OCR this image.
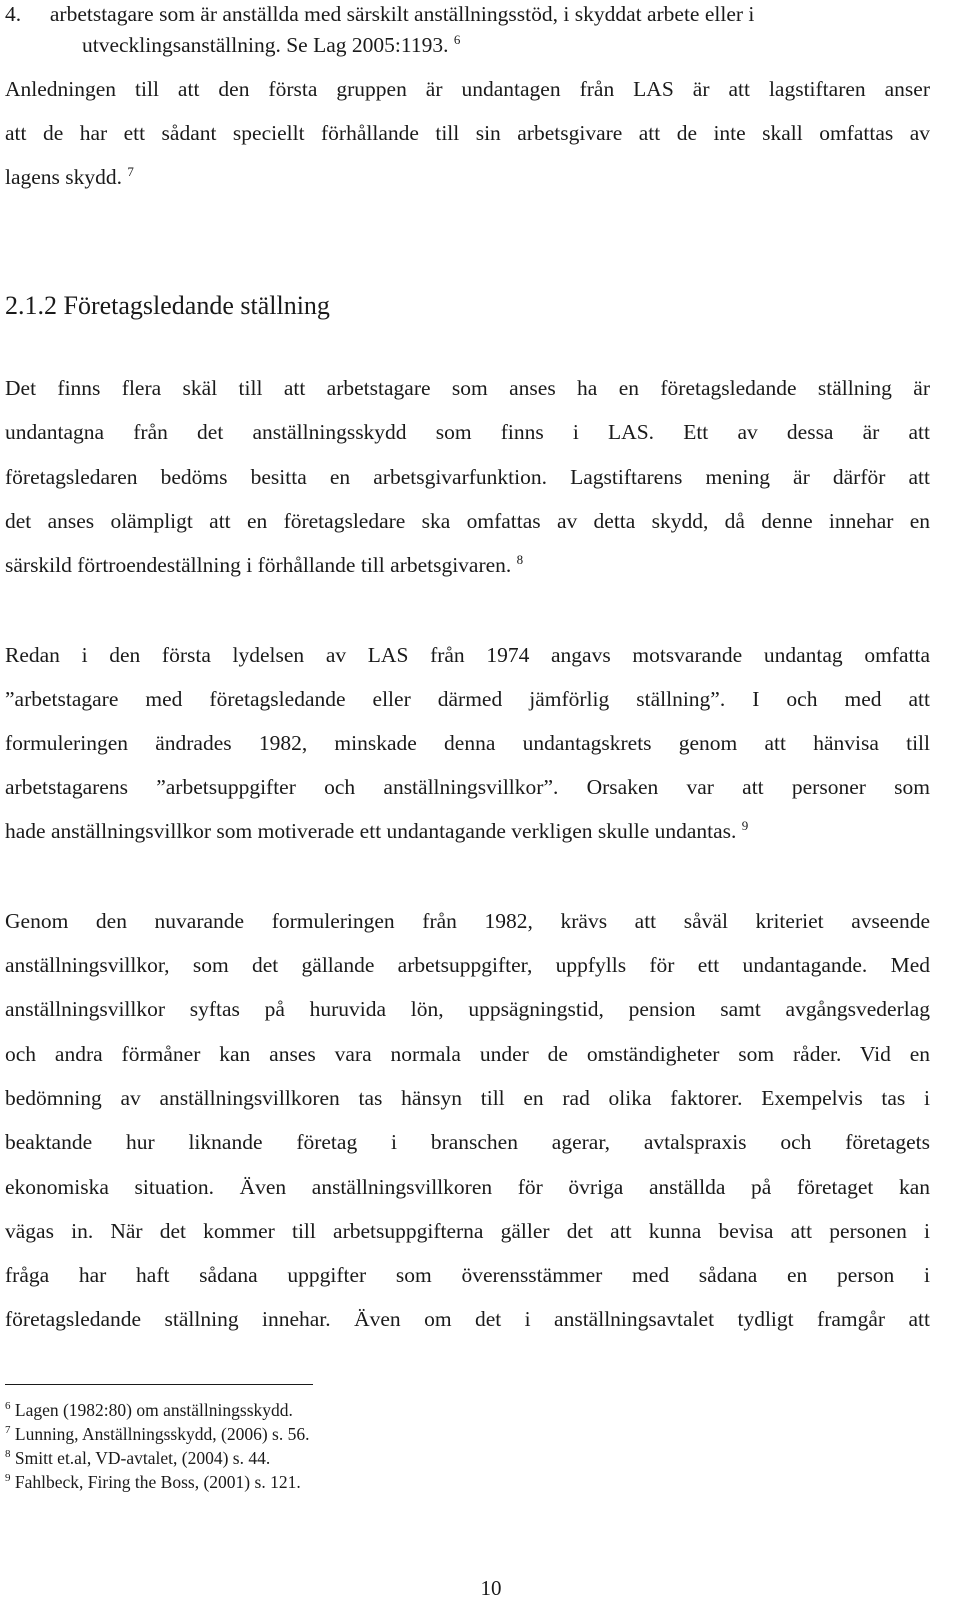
4. arbetstagare som är anställda med särskilt anställningsstöd, i skyddat arbete eller i
utvecklingsanställning. Se Lag 2005:1193. $^6$
Anledningen till att den första gruppen är undantagen från LAS är att lagstiftaren anser
att de har ett sådant speciellt förhållande till sin arbetsgivare att de inte skall omfattas av
lagens skydd. $^7$
2.1.2 Företagsledande ställning
Det finns flera skäl till att arbetstagare som anses ha en företagsledande ställning är
undantagna från det anställningsskydd som finns i LAS. Ett av dessa är att
företagsledaren bedöms besitta en arbetsgivarfunktion. Lagstiftarens mening är därför att
det anses olämpligt att en företagsledare ska omfattas av detta skydd, då denne innehar en
särskild förtroendeställning i förhållande till arbetsgivaren. $^8$
Redan i den första lydelsen av LAS från 1974 angavs motsvarande undantag omfatta
”arbetstagare med företagsledande eller därmed jämförlig ställning”. I och med att
formuleringen ändrades 1982, minskade denna undantagskrets genom att hänvisa till
arbetstagarens ”arbetsuppgifter och anställningsvillkor”. Orsaken var att personer som
hade anställningsvillkor som motiverade ett undantagande verkligen skulle undantas. $^9$
Genom den nuvarande formuleringen från 1982, krävs att såväl kriteriet avseende
anställningsvillkor, som det gällande arbetsuppgifter, uppfylls för ett undantagande. Med
anställningsvillkor syftas på huruvida lön, uppsägningstid, pension samt avgångsvederlag
och andra förmåner kan anses vara normala under de omständigheter som råder. Vid en
bedömning av anställningsvillkoren tas hänsyn till en rad olika faktorer. Exempelvis tas i
beaktande hur liknande företag i branschen agerar, avtalspraxis och företagets
ekonomiska situation. Även anställningsvillkoren för övriga anställda på företaget kan
vägas in. När det kommer till arbetsuppgifterna gäller det att kunna bevisa att personen i
fråga har haft sådana uppgifter som överensstämmer med sådana en person i
företagsledande ställning innehar. Även om det i anställningsavtalet tydligt framgår att
$^6$ Lagen (1982:80) om anställningsskydd.
$^7$ Lunning, Anställningsskydd, (2006) s. 56.
$^8$ Smitt et.al, VD-avtalet, (2004) s. 44.
$^9$ Fahlbeck, Firing the Boss, (2001) s. 121.
10
